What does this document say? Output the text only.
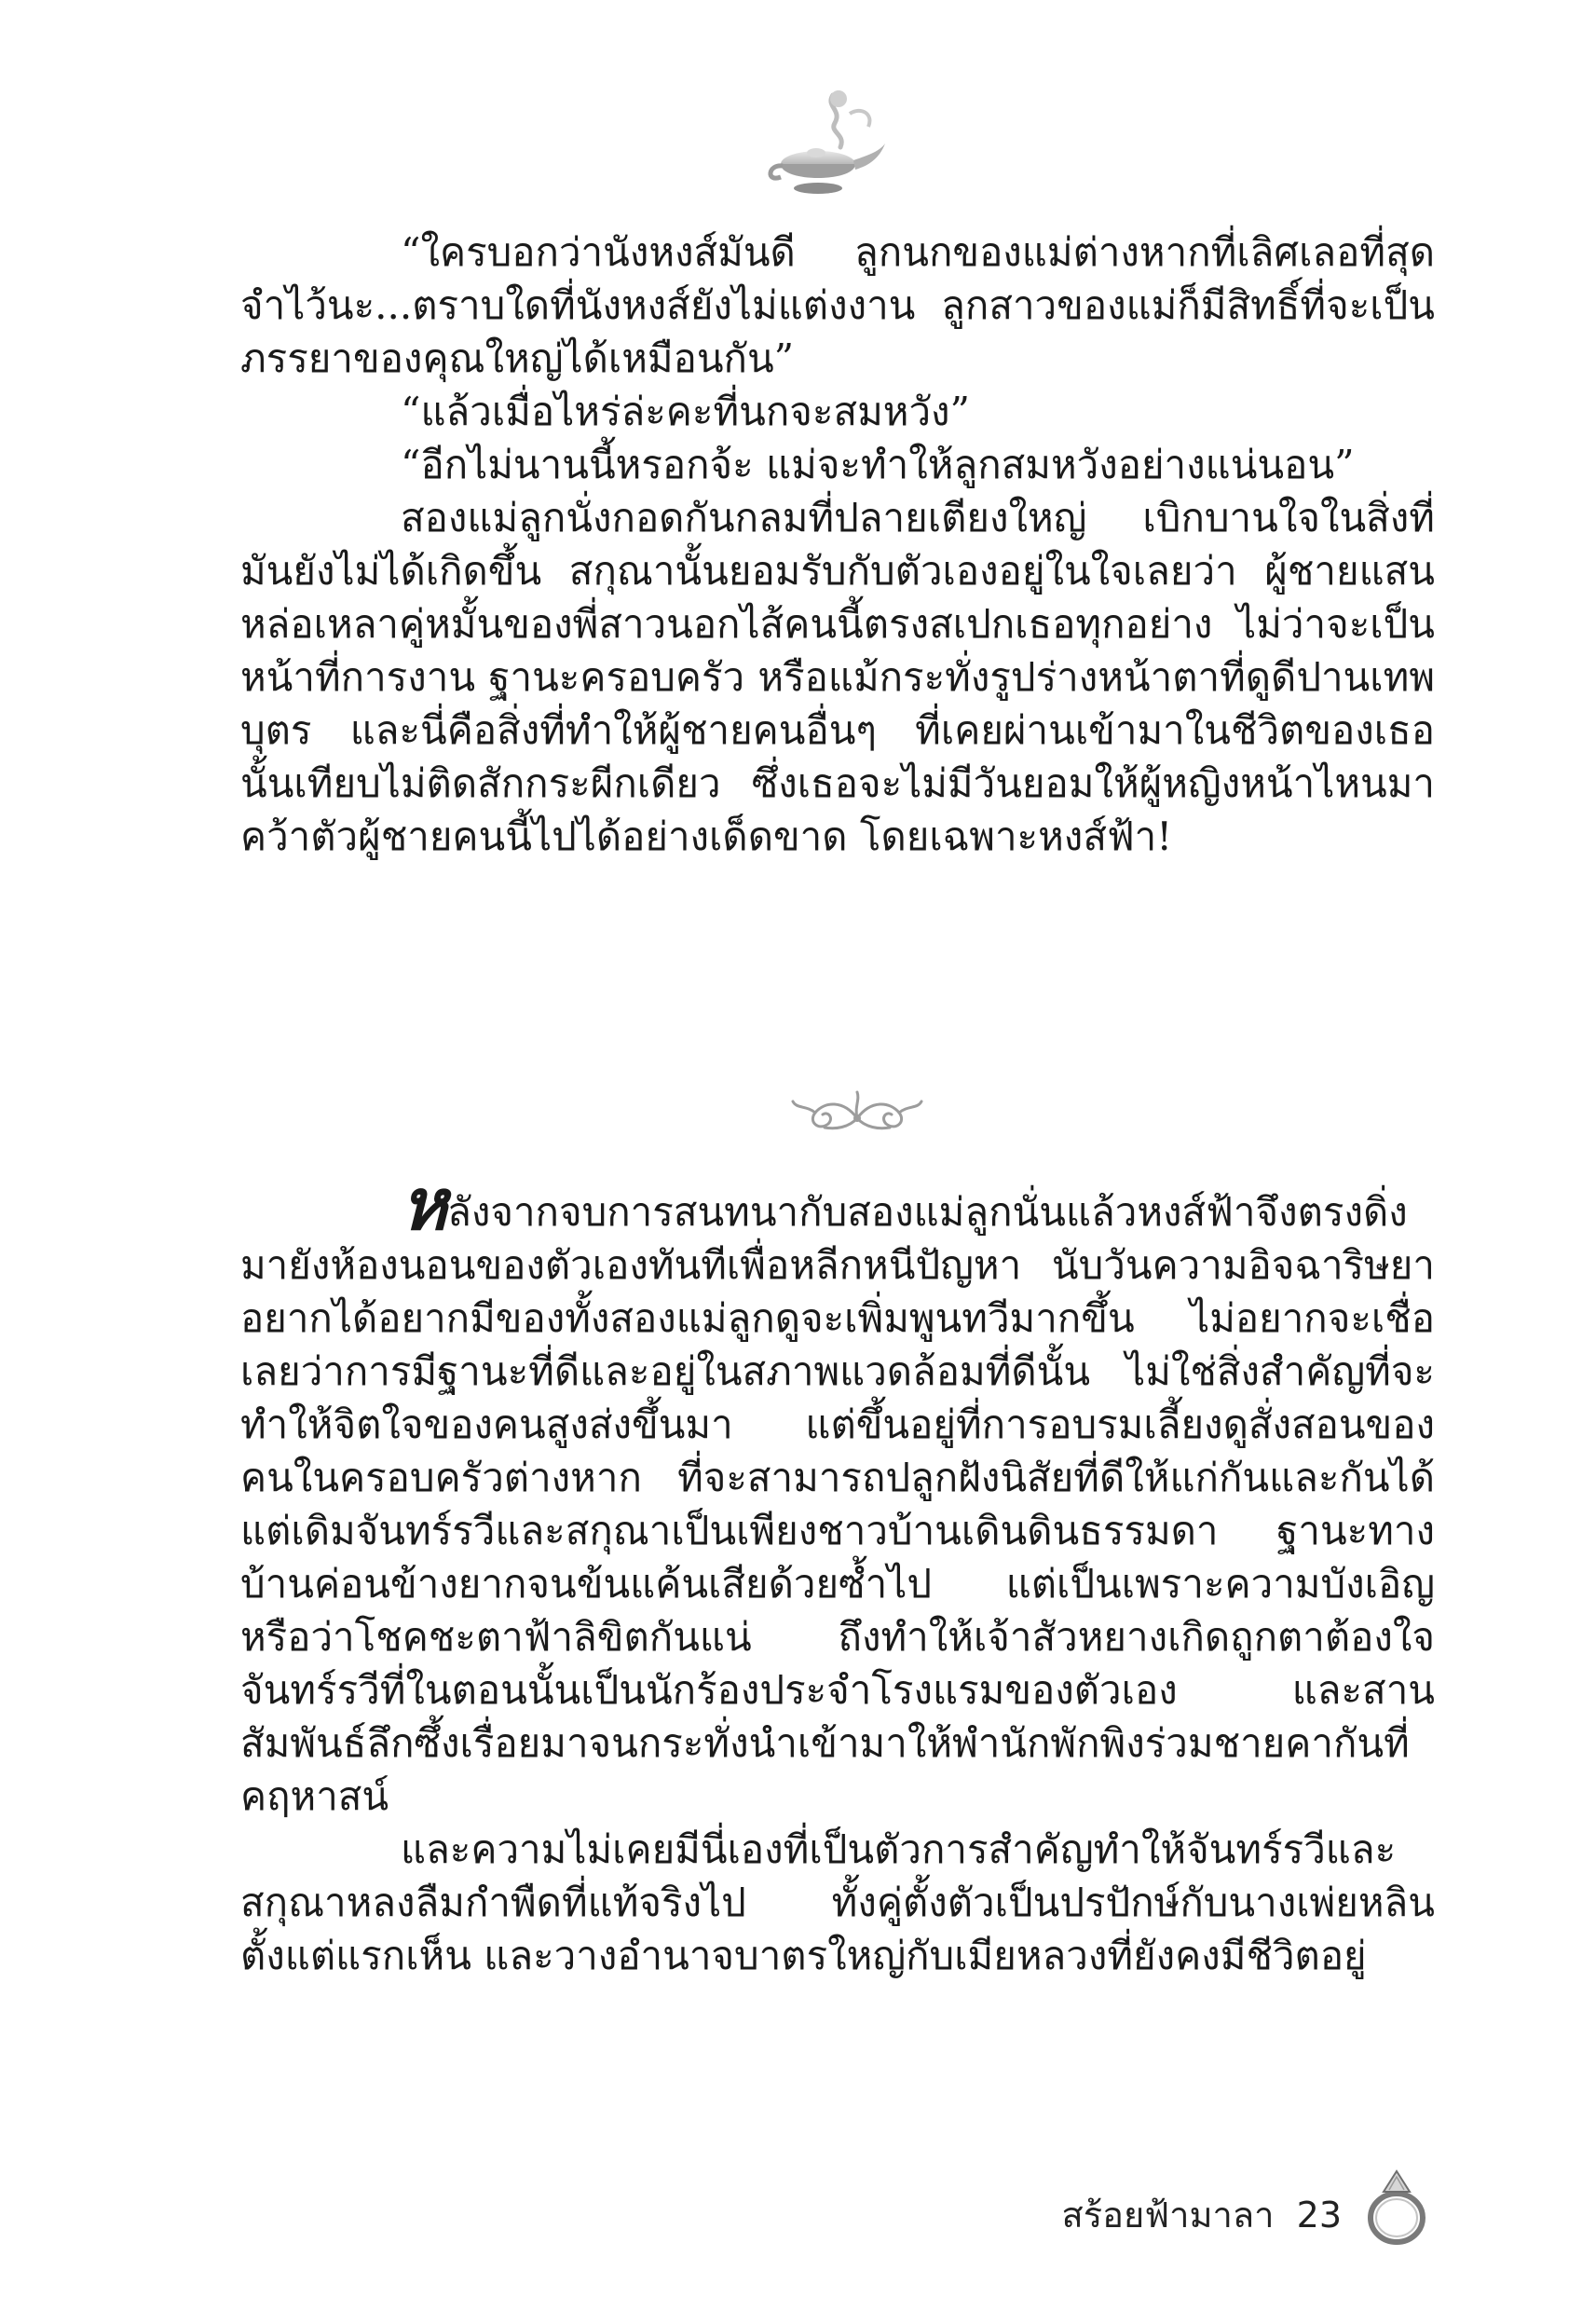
“ใครบอกว่านังหงส์มันดี ลูกนกของแม่ต่างหากที่เลิศเลอที่สุด จำไว้นะ...ตราบใดที่นังหงส์ยังไม่แต่งงาน ลูกสาวของแม่ก็มีสิทธิ์ที่จะเป็นภรรยาของคุณใหญ่ได้เหมือนกัน”

“แล้วเมื่อไหร่ล่ะคะที่นกจะสมหวัง”

“อีกไม่นานนี้หรอกจ้ะ แม่จะทำให้ลูกสมหวังอย่างแน่นอน”

สองแม่ลูกนั่งกอดกันกลมที่ปลายเตียงใหญ่ เบิกบานใจในสิ่งที่มันยังไม่ได้เกิดขึ้น สกุณานั้นยอมรับกับตัวเองอยู่ในใจเลยว่า ผู้ชายแสนหล่อเหลาคู่หมั้นของพี่สาวนอกไส้คนนี้ตรงสเปกเธอทุกอย่าง ไม่ว่าจะเป็นหน้าที่การงาน ฐานะครอบครัว หรือแม้กระทั่งรูปร่างหน้าตาที่ดูดีปานเทพบุตร และนี่คือสิ่งที่ทำให้ผู้ชายคนอื่นๆ ที่เคยผ่านเข้ามาในชีวิตของเธอนั้นเทียบไม่ติดสักกระผีกเดียว ซึ่งเธอจะไม่มีวันยอมให้ผู้หญิงหน้าไหนมาคว้าตัวผู้ชายคนนี้ไปได้อย่างเด็ดขาด โดยเฉพาะหงส์ฟ้า!

หลังจากจบการสนทนากับสองแม่ลูกนั่นแล้วหงส์ฟ้าจึงตรงดิ่งมายังห้องนอนของตัวเองทันทีเพื่อหลีกหนีปัญหา นับวันความอิจฉาริษยาอยากได้อยากมีของทั้งสองแม่ลูกดูจะเพิ่มพูนทวีมากขึ้น ไม่อยากจะเชื่อเลยว่าการมีฐานะที่ดีและอยู่ในสภาพแวดล้อมที่ดีนั้น ไม่ใช่สิ่งสำคัญที่จะทำให้จิตใจของคนสูงส่งขึ้นมา แต่ขึ้นอยู่ที่การอบรมเลี้ยงดูสั่งสอนของคนในครอบครัวต่างหาก ที่จะสามารถปลูกฝังนิสัยที่ดีให้แก่กันและกันได้ แต่เดิมจันทร์รวีและสกุณาเป็นเพียงชาวบ้านเดินดินธรรมดา ฐานะทางบ้านค่อนข้างยากจนข้นแค้นเสียด้วยซ้ำไป แต่เป็นเพราะความบังเอิญหรือว่าโชคชะตาฟ้าลิขิตกันแน่ ถึงทำให้เจ้าสัวหยางเกิดถูกตาต้องใจจันทร์รวีที่ในตอนนั้นเป็นนักร้องประจำโรงแรมของตัวเอง และสานสัมพันธ์ลึกซึ้งเรื่อยมาจนกระทั่งนำเข้ามาให้พำนักพักพิงร่วมชายคากันที่คฤหาสน์

และความไม่เคยมีนี่เองที่เป็นตัวการสำคัญทำให้จันทร์รวีและสกุณาหลงลืมกำพืดที่แท้จริงไป ทั้งคู่ตั้งตัวเป็นปรปักษ์กับนางเพ่ยหลินตั้งแต่แรกเห็น และวางอำนาจบาตรใหญ่กับเมียหลวงที่ยังคงมีชีวิตอยู่

สร้อยฟ้ามาลา 23
